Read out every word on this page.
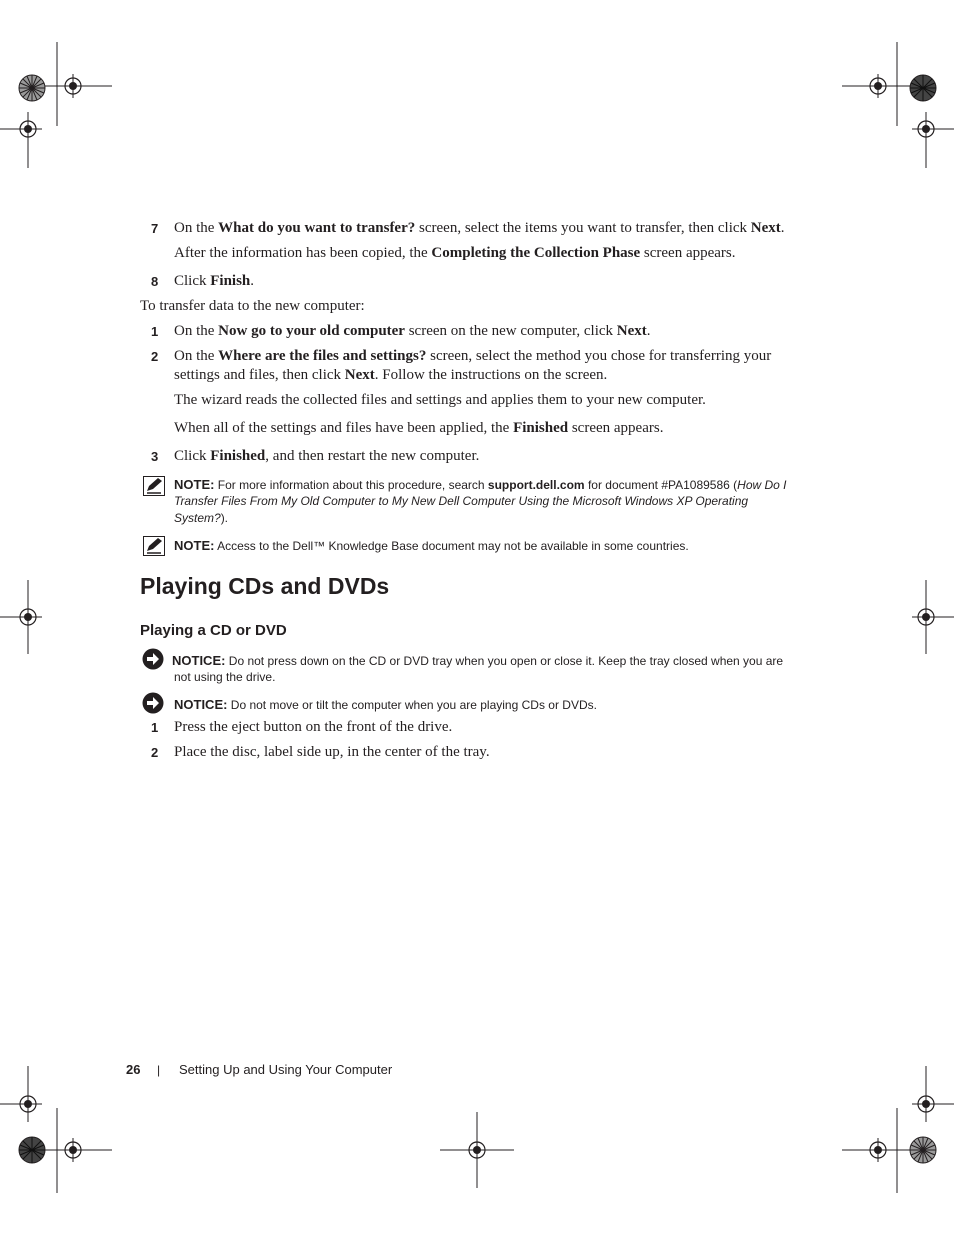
7 On the What do you want to transfer? screen, select the items you want to transfer, then click Next.
After the information has been copied, the Completing the Collection Phase screen appears.
8 Click Finish.
To transfer data to the new computer:
1 On the Now go to your old computer screen on the new computer, click Next.
2 On the Where are the files and settings? screen, select the method you chose for transferring your
settings and files, then click Next. Follow the instructions on the screen.
The wizard reads the collected files and settings and applies them to your new computer.
When all of the settings and files have been applied, the Finished screen appears.
3 Click Finished, and then restart the new computer.
NOTE: For more information about this procedure, search support.dell.com for document #PA1089586 (How Do I
Transfer Files From My Old Computer to My New Dell Computer Using the Microsoft Windows XP Operating
System?).
NOTE: Access to the Dell™ Knowledge Base document may not be available in some countries.
Playing CDs and DVDs
Playing a CD or DVD
NOTICE: Do not press down on the CD or DVD tray when you open or close it. Keep the tray closed when you are
not using the drive.
NOTICE: Do not move or tilt the computer when you are playing CDs or DVDs.
1 Press the eject button on the front of the drive.
2 Place the disc, label side up, in the center of the tray.
26 | Setting Up and Using Your Computer
